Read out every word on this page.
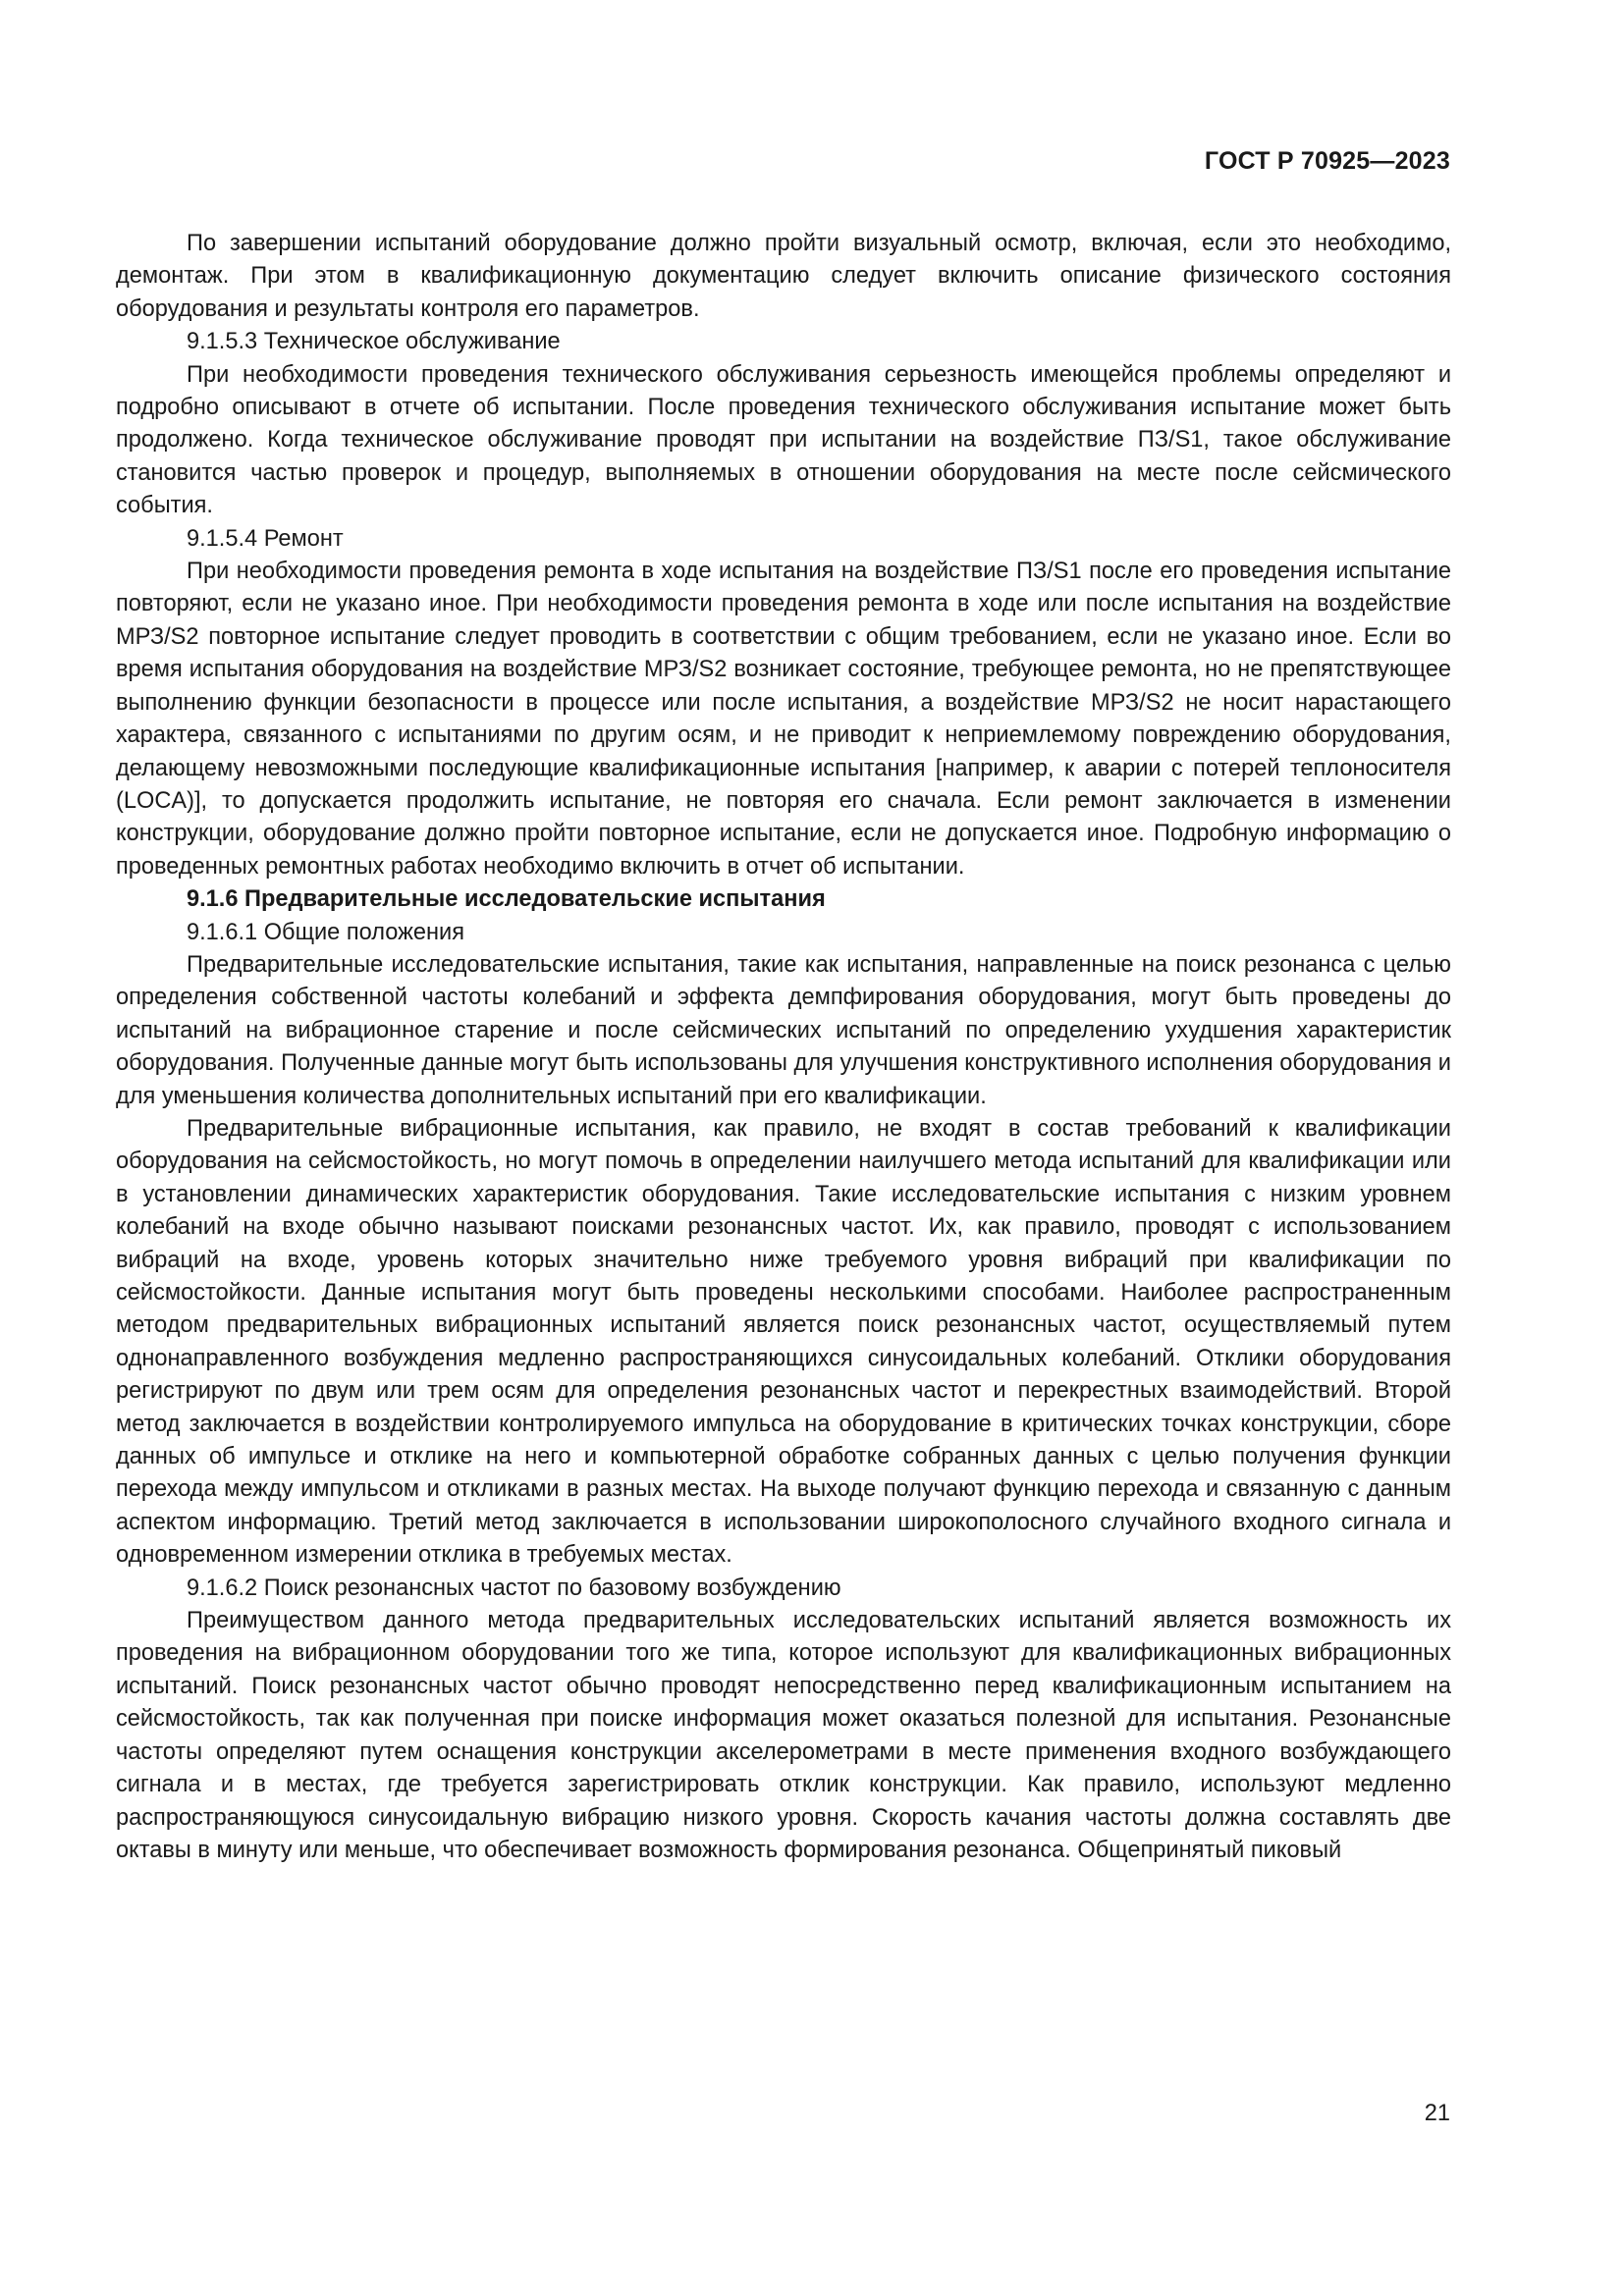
ГОСТ Р 70925—2023

По завершении испытаний оборудование должно пройти визуальный осмотр, включая, если это необходимо, демонтаж. При этом в квалификационную документацию следует включить описание физического состояния оборудования и результаты контроля его параметров.

9.1.5.3 Техническое обслуживание

При необходимости проведения технического обслуживания серьезность имеющейся проблемы определяют и подробно описывают в отчете об испытании. После проведения технического обслуживания испытание может быть продолжено. Когда техническое обслуживание проводят при испытании на воздействие ПЗ/S1, такое обслуживание становится частью проверок и процедур, выполняемых в отношении оборудования на месте после сейсмического события.

9.1.5.4 Ремонт

При необходимости проведения ремонта в ходе испытания на воздействие ПЗ/S1 после его проведения испытание повторяют, если не указано иное. При необходимости проведения ремонта в ходе или после испытания на воздействие МРЗ/S2 повторное испытание следует проводить в соответствии с общим требованием, если не указано иное. Если во время испытания оборудования на воздействие МРЗ/S2 возникает состояние, требующее ремонта, но не препятствующее выполнению функции безопасности в процессе или после испытания, а воздействие МРЗ/S2 не носит нарастающего характера, связанного с испытаниями по другим осям, и не приводит к неприемлемому повреждению оборудования, делающему невозможными последующие квалификационные испытания [например, к аварии с потерей теплоносителя (LOCA)], то допускается продолжить испытание, не повторяя его сначала. Если ремонт заключается в изменении конструкции, оборудование должно пройти повторное испытание, если не допускается иное. Подробную информацию о проведенных ремонтных работах необходимо включить в отчет об испытании.

9.1.6 Предварительные исследовательские испытания

9.1.6.1 Общие положения

Предварительные исследовательские испытания, такие как испытания, направленные на поиск резонанса с целью определения собственной частоты колебаний и эффекта демпфирования оборудования, могут быть проведены до испытаний на вибрационное старение и после сейсмических испытаний по определению ухудшения характеристик оборудования. Полученные данные могут быть использованы для улучшения конструктивного исполнения оборудования и для уменьшения количества дополнительных испытаний при его квалификации.

Предварительные вибрационные испытания, как правило, не входят в состав требований к квалификации оборудования на сейсмостойкость, но могут помочь в определении наилучшего метода испытаний для квалификации или в установлении динамических характеристик оборудования. Такие исследовательские испытания с низким уровнем колебаний на входе обычно называют поисками резонансных частот. Их, как правило, проводят с использованием вибраций на входе, уровень которых значительно ниже требуемого уровня вибраций при квалификации по сейсмостойкости. Данные испытания могут быть проведены несколькими способами. Наиболее распространенным методом предварительных вибрационных испытаний является поиск резонансных частот, осуществляемый путем однонаправленного возбуждения медленно распространяющихся синусоидальных колебаний. Отклики оборудования регистрируют по двум или трем осям для определения резонансных частот и перекрестных взаимодействий. Второй метод заключается в воздействии контролируемого импульса на оборудование в критических точках конструкции, сборе данных об импульсе и отклике на него и компьютерной обработке собранных данных с целью получения функции перехода между импульсом и откликами в разных местах. На выходе получают функцию перехода и связанную с данным аспектом информацию. Третий метод заключается в использовании широкополосного случайного входного сигнала и одновременном измерении отклика в требуемых местах.

9.1.6.2 Поиск резонансных частот по базовому возбуждению

Преимуществом данного метода предварительных исследовательских испытаний является возможность их проведения на вибрационном оборудовании того же типа, которое используют для квалификационных вибрационных испытаний. Поиск резонансных частот обычно проводят непосредственно перед квалификационным испытанием на сейсмостойкость, так как полученная при поиске информация может оказаться полезной для испытания. Резонансные частоты определяют путем оснащения конструкции акселерометрами в месте применения входного возбуждающего сигнала и в местах, где требуется зарегистрировать отклик конструкции. Как правило, используют медленно распространяющуюся синусоидальную вибрацию низкого уровня. Скорость качания частоты должна составлять две октавы в минуту или меньше, что обеспечивает возможность формирования резонанса. Общепринятый пиковый

21
